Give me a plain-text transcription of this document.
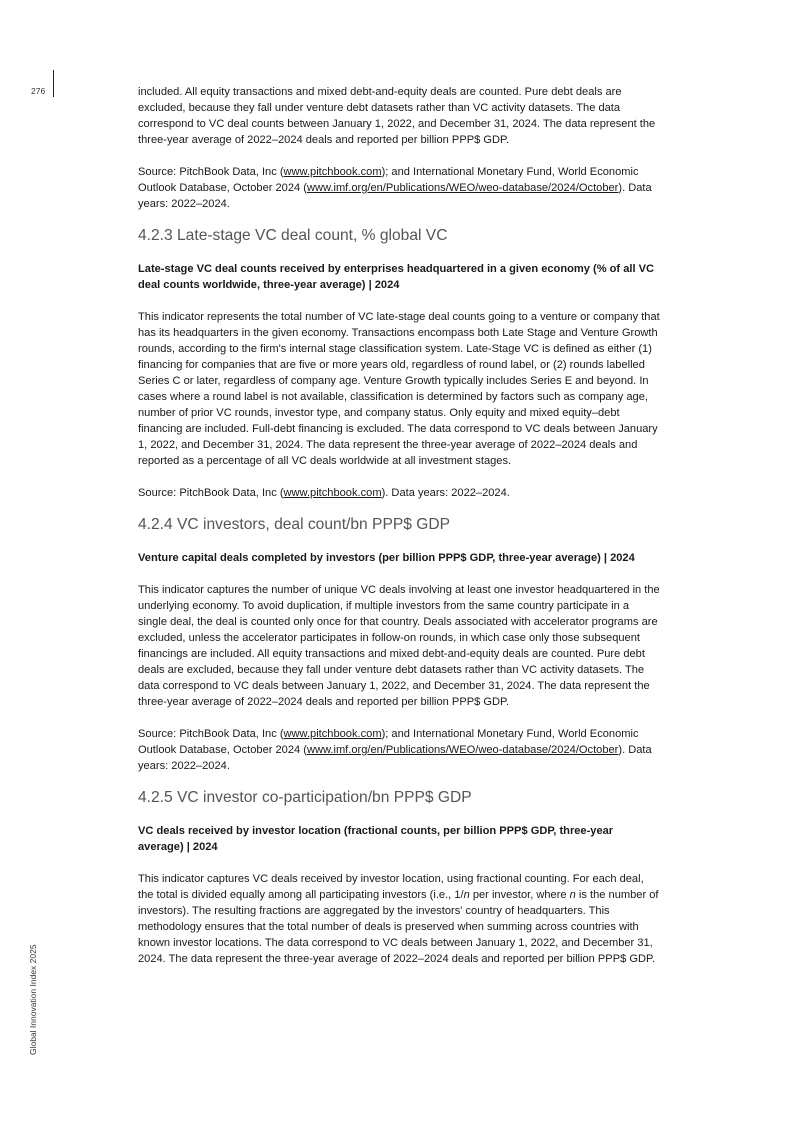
276
Global Innovation Index 2025

included. All equity transactions and mixed debt-and-equity deals are counted. Pure debt deals are excluded, because they fall under venture debt datasets rather than VC activity datasets. The data correspond to VC deal counts between January 1, 2022, and December 31, 2024. The data represent the three-year average of 2022–2024 deals and reported per billion PPP$ GDP.

Source: PitchBook Data, Inc (www.pitchbook.com); and International Monetary Fund, World Economic Outlook Database, October 2024 (www.imf.org/en/Publications/WEO/weo-database/2024/October). Data years: 2022–2024.

4.2.3 Late-stage VC deal count, % global VC

Late-stage VC deal counts received by enterprises headquartered in a given economy (% of all VC deal counts worldwide, three-year average) | 2024

This indicator represents the total number of VC late-stage deal counts going to a venture or company that has its headquarters in the given economy. Transactions encompass both Late Stage and Venture Growth rounds, according to the firm's internal stage classification system. Late-Stage VC is defined as either (1) financing for companies that are five or more years old, regardless of round label, or (2) rounds labelled Series C or later, regardless of company age. Venture Growth typically includes Series E and beyond. In cases where a round label is not available, classification is determined by factors such as company age, number of prior VC rounds, investor type, and company status. Only equity and mixed equity–debt financing are included. Full-debt financing is excluded. The data correspond to VC deals between January 1, 2022, and December 31, 2024. The data represent the three-year average of 2022–2024 deals and reported as a percentage of all VC deals worldwide at all investment stages.

Source: PitchBook Data, Inc (www.pitchbook.com). Data years: 2022–2024.

4.2.4 VC investors, deal count/bn PPP$ GDP

Venture capital deals completed by investors (per billion PPP$ GDP, three-year average) | 2024

This indicator captures the number of unique VC deals involving at least one investor headquartered in the underlying economy. To avoid duplication, if multiple investors from the same country participate in a single deal, the deal is counted only once for that country. Deals associated with accelerator programs are excluded, unless the accelerator participates in follow-on rounds, in which case only those subsequent financings are included. All equity transactions and mixed debt-and-equity deals are counted. Pure debt deals are excluded, because they fall under venture debt datasets rather than VC activity datasets. The data correspond to VC deals between January 1, 2022, and December 31, 2024. The data represent the three-year average of 2022–2024 deals and reported per billion PPP$ GDP.

Source: PitchBook Data, Inc (www.pitchbook.com); and International Monetary Fund, World Economic Outlook Database, October 2024 (www.imf.org/en/Publications/WEO/weo-database/2024/October). Data years: 2022–2024.

4.2.5 VC investor co-participation/bn PPP$ GDP

VC deals received by investor location (fractional counts, per billion PPP$ GDP, three-year average) | 2024

This indicator captures VC deals received by investor location, using fractional counting. For each deal, the total is divided equally among all participating investors (i.e., 1/n per investor, where n is the number of investors). The resulting fractions are aggregated by the investors' country of headquarters. This methodology ensures that the total number of deals is preserved when summing across countries with known investor locations. The data correspond to VC deals between January 1, 2022, and December 31, 2024. The data represent the three-year average of 2022–2024 deals and reported per billion PPP$ GDP.
